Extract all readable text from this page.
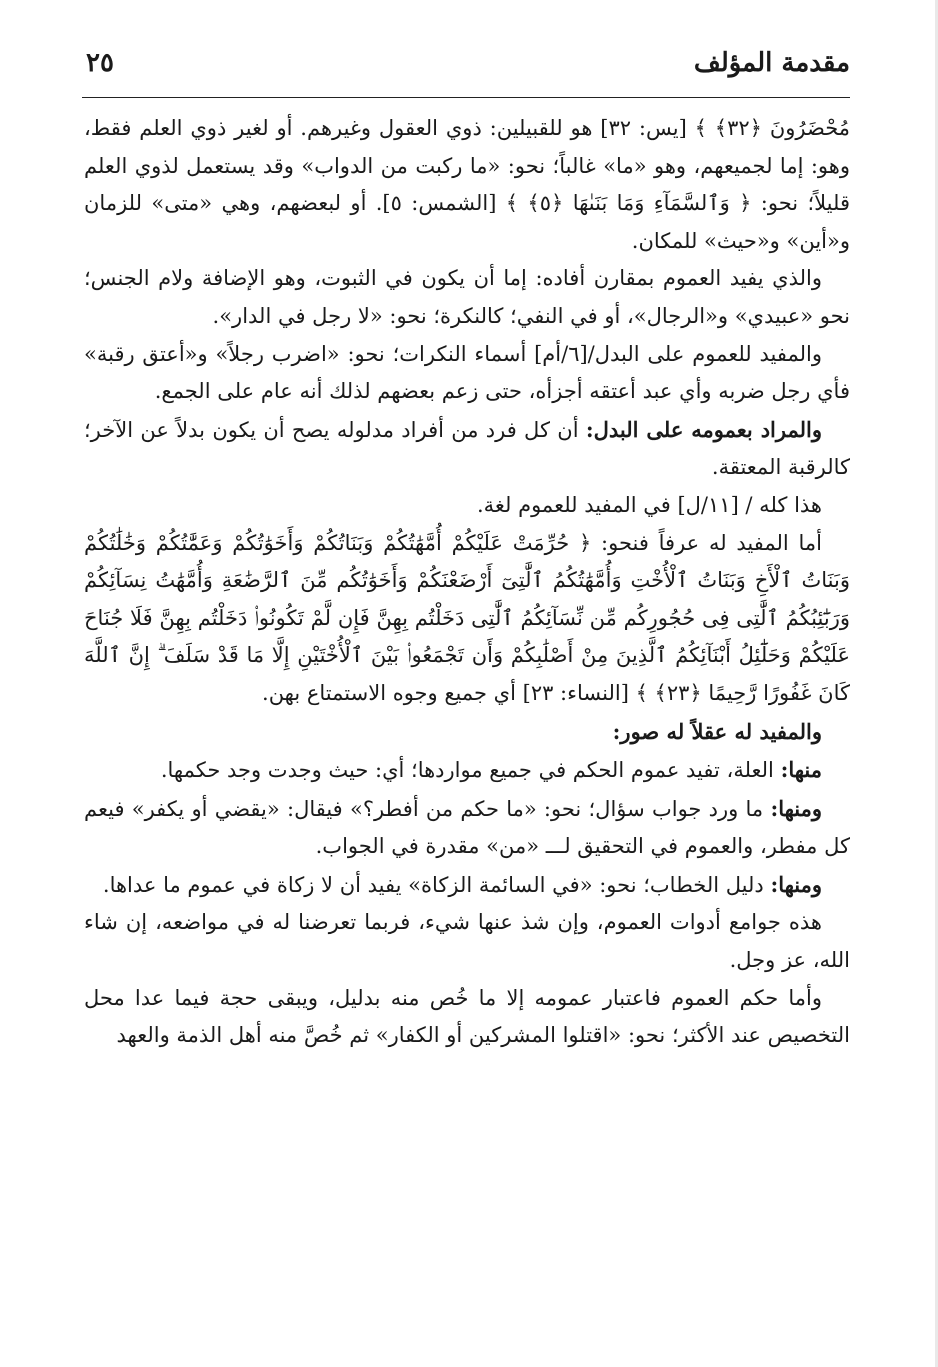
مقدمة المؤلف
٢٥

مُحْضَرُونَ ﴿٣٢﴾ ﴾ [يس: ٣٢] هو للقبيلين: ذوي العقول وغيرهم. أو لغير ذوي العلم فقط، وهو: إما لجميعهم، وهو «ما» غالباً؛ نحو: «ما ركبت من الدواب» وقد يستعمل لذوي العلم قليلاً؛ نحو: ﴿ وَٱلسَّمَآءِ وَمَا بَنَىٰهَا ﴿٥﴾ ﴾ [الشمس: ٥]. أو لبعضهم، وهي «متى» للزمان و«أين» و«حيث» للمكان.

والذي يفيد العموم بمقارن أفاده: إما أن يكون في الثبوت، وهو الإضافة ولام الجنس؛ نحو «عبيدي» و«الرجال»، أو في النفي؛ كالنكرة؛ نحو: «لا رجل في الدار».

والمفيد للعموم على البدل/[٦/أم] أسماء النكرات؛ نحو: «اضرب رجلاً» و«أعتق رقبة» فأي رجل ضربه وأي عبد أعتقه أجزأه، حتى زعم بعضهم لذلك أنه عام على الجمع.

والمراد بعمومه على البدل: أن كل فرد من أفراد مدلوله يصح أن يكون بدلاً عن الآخر؛ كالرقبة المعتقة.

هذا كله / [١١/ل] في المفيد للعموم لغة.

أما المفيد له عرفاً فنحو: ﴿ حُرِّمَتْ عَلَيْكُمْ أُمَّهَٰتُكُمْ وَبَنَاتُكُمْ وَأَخَوَٰتُكُمْ وَعَمَّٰتُكُمْ وَخَٰلَٰتُكُمْ وَبَنَاتُ ٱلْأَخِ وَبَنَاتُ ٱلْأُخْتِ وَأُمَّهَٰتُكُمُ ٱلَّٰتِىٓ أَرْضَعْنَكُمْ وَأَخَوَٰتُكُم مِّنَ ٱلرَّضَٰعَةِ وَأُمَّهَٰتُ نِسَآئِكُمْ وَرَبَٰٓئِبُكُمُ ٱلَّٰتِى فِى حُجُورِكُم مِّن نِّسَآئِكُمُ ٱلَّٰتِى دَخَلْتُم بِهِنَّ فَإِن لَّمْ تَكُونُوا۟ دَخَلْتُم بِهِنَّ فَلَا جُنَاحَ عَلَيْكُمْ وَحَلَٰٓئِلُ أَبْنَآئِكُمُ ٱلَّذِينَ مِنْ أَصْلَٰبِكُمْ وَأَن تَجْمَعُوا۟ بَيْنَ ٱلْأُخْتَيْنِ إِلَّا مَا قَدْ سَلَفَ ۗ إِنَّ ٱللَّهَ كَانَ غَفُورًا رَّحِيمًا ﴿٢٣﴾ ﴾ [النساء: ٢٣] أي جميع وجوه الاستمتاع بهن.

والمفيد له عقلاً له صور:

منها: العلة، تفيد عموم الحكم في جميع مواردها؛ أي: حيث وجدت وجد حكمها.

ومنها: ما ورد جواب سؤال؛ نحو: «ما حكم من أفطر؟» فيقال: «يقضي أو يكفر» فيعم كل مفطر، والعموم في التحقيق لـــ «من» مقدرة في الجواب.

ومنها: دليل الخطاب؛ نحو: «في السائمة الزكاة» يفيد أن لا زكاة في عموم ما عداها.

هذه جوامع أدوات العموم، وإن شذ عنها شيء، فربما تعرضنا له في مواضعه، إن شاء الله، عز وجل.

وأما حكم العموم فاعتبار عمومه إلا ما خُص منه بدليل، ويبقى حجة فيما عدا محل التخصيص عند الأكثر؛ نحو: «اقتلوا المشركين أو الكفار» ثم خُصَّ منه أهل الذمة والعهد
